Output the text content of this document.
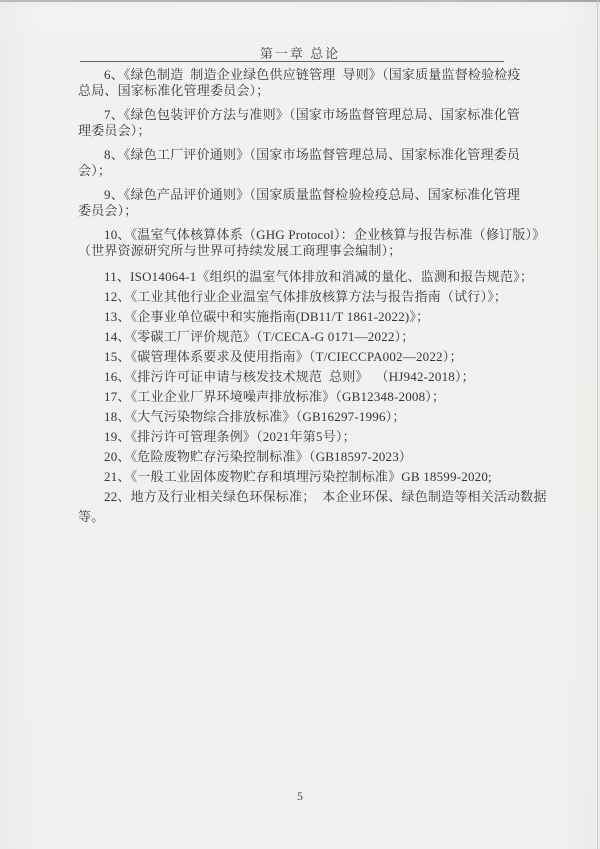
第一章 总论

6、《绿色制造  制造企业绿色供应链管理  导则》（国家质量监督检验检疫
总局、国家标准化管理委员会）；

7、《绿色包装评价方法与准则》（国家市场监督管理总局、国家标准化管
理委员会）；

8、《绿色工厂评价通则》（国家市场监督管理总局、国家标准化管理委员
会）；

9、《绿色产品评价通则》（国家质量监督检验检疫总局、国家标准化管理
委员会）；

10、《温室气体核算体系（GHG Protocol）：企业核算与报告标准（修订版）》
（世界资源研究所与世界可持续发展工商理事会编制）；

11、ISO14064-1《组织的温室气体排放和消减的量化、监测和报告规范》；

12、《工业其他行业企业温室气体排放核算方法与报告指南（试行）》；

13、《企事业单位碳中和实施指南(DB11/T 1861-2022)》；

14、《零碳工厂评价规范》（T/CECA-G 0171—2022）；

15、《碳管理体系要求及使用指南》（T/CIECCPA002—2022）；

16、《排污许可证申请与核发技术规范  总则》  （HJ942-2018）；

17、《工业企业厂界环境噪声排放标准》（GB12348-2008）；

18、《大气污染物综合排放标准》（GB16297-1996）；

19、《排污许可管理条例》（2021年第5号）；

20、《危险废物贮存污染控制标准》（GB18597-2023）

21、《一般工业固体废物贮存和填埋污染控制标准》GB 18599-2020;

22、地方及行业相关绿色环保标准；  本企业环保、绿色制造等相关活动数据
等。

5
